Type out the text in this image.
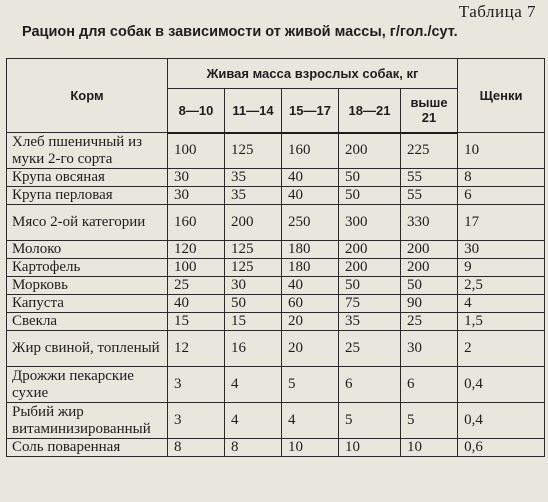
Таблица 7
Рацион для собак в зависимости от живой массы, г/гол./сут.
Корм	Живая масса взрослых собак, кг					Щенки
	8—10	11—14	15—17	18—21	выше 21	
Хлеб пшеничный из муки 2-го сорта	100	125	160	200	225	10
Крупа овсяная	30	35	40	50	55	8
Крупа перловая	30	35	40	50	55	6
Мясо 2-ой категории	160	200	250	300	330	17
Молоко	120	125	180	200	200	30
Картофель	100	125	180	200	200	9
Морковь	25	30	40	50	50	2,5
Капуста	40	50	60	75	90	4
Свекла	15	15	20	35	25	1,5
Жир свиной, топленый	12	16	20	25	30	2
Дрожжи пекарские сухие	3	4	5	6	6	0,4
Рыбий жир витаминизированный	3	4	4	5	5	0,4
Соль поваренная	8	8	10	10	10	0,6
